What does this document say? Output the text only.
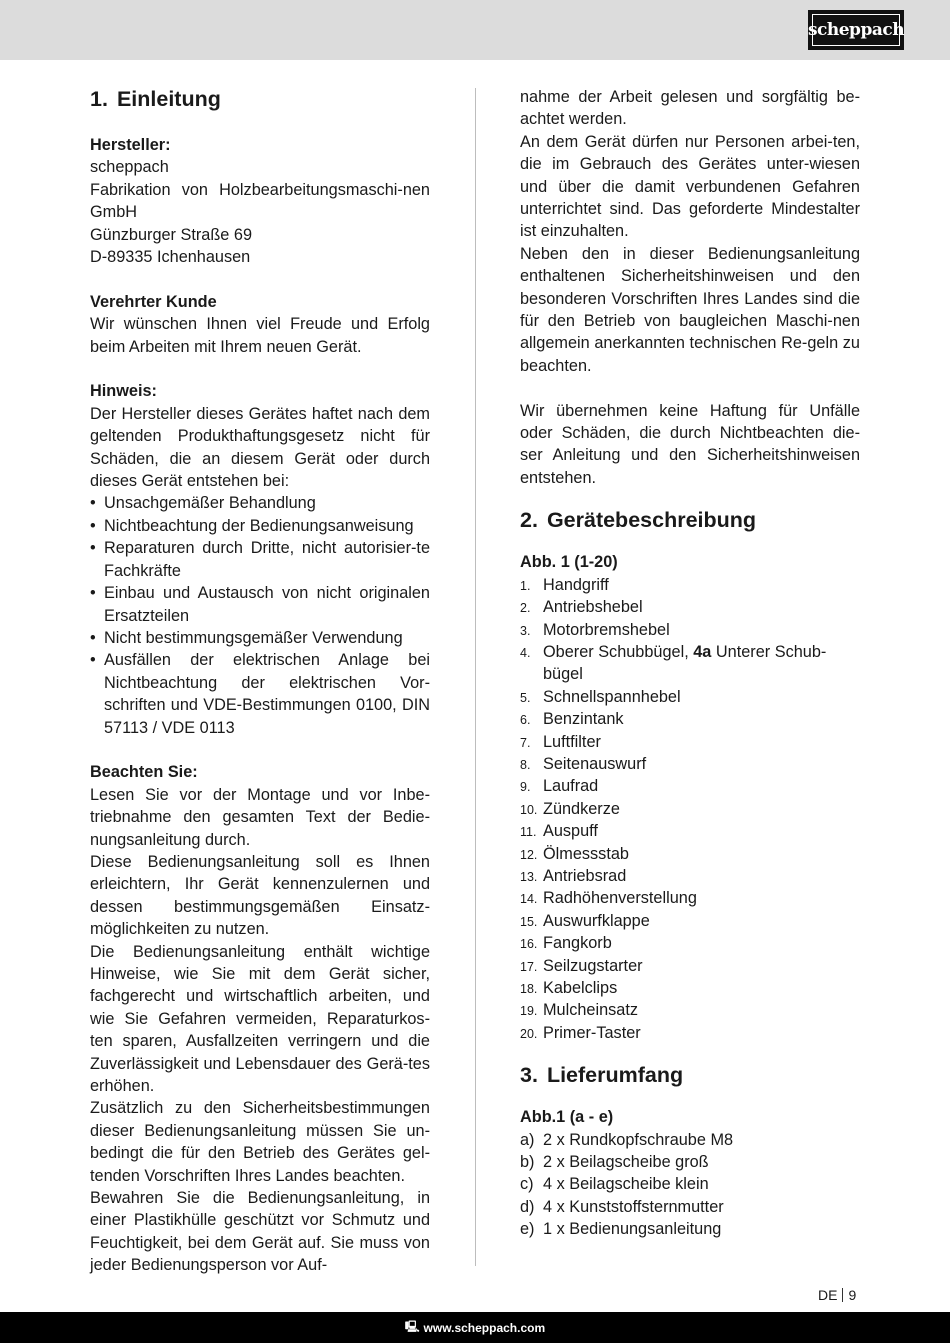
scheppach
1. Einleitung

Hersteller:

scheppach

Fabrikation von Holzbearbeitungsmaschi-nen GmbH

Günzburger Straße 69

D-89335 Ichenhausen

Verehrter Kunde

Wir wünschen Ihnen viel Freude und Erfolg beim Arbeiten mit Ihrem neuen Gerät.

Hinweis:

Der Hersteller dieses Gerätes haftet nach dem geltenden Produkthaftungsgesetz nicht für Schäden, die an diesem Gerät oder durch dieses Gerät entstehen bei:

• Unsachgemäßer Behandlung
• Nichtbeachtung der Bedienungsanweisung
• Reparaturen durch Dritte, nicht autorisier-te Fachkräfte
• Einbau und Austausch von nicht originalen Ersatzteilen
• Nicht bestimmungsgemäßer Verwendung
• Ausfällen der elektrischen Anlage bei Nichtbeachtung der elektrischen Vor-schriften und VDE-Bestimmungen 0100, DIN 57113 / VDE 0113

Beachten Sie:

Lesen Sie vor der Montage und vor Inbe-triebnahme den gesamten Text der Bedie-nungsanleitung durch.

Diese Bedienungsanleitung soll es Ihnen erleichtern, Ihr Gerät kennenzulernen und dessen bestimmungsgemäßen Einsatz-möglichkeiten zu nutzen.

Die Bedienungsanleitung enthält wichtige Hinweise, wie Sie mit dem Gerät sicher, fachgerecht und wirtschaftlich arbeiten, und wie Sie Gefahren vermeiden, Reparaturkos-ten sparen, Ausfallzeiten verringern und die Zuverlässigkeit und Lebensdauer des Gerä-tes erhöhen.

Zusätzlich zu den Sicherheitsbestimmungen dieser Bedienungsanleitung müssen Sie un-bedingt die für den Betrieb des Gerätes gel-tenden Vorschriften Ihres Landes beachten.

Bewahren Sie die Bedienungsanleitung, in einer Plastikhülle geschützt vor Schmutz und Feuchtigkeit, bei dem Gerät auf. Sie muss von jeder Bedienungsperson vor Auf-

nahme der Arbeit gelesen und sorgfältig be-achtet werden.

An dem Gerät dürfen nur Personen arbei-ten, die im Gebrauch des Gerätes unter-wiesen und über die damit verbundenen Gefahren unterrichtet sind. Das geforderte Mindestalter ist einzuhalten.

Neben den in dieser Bedienungsanleitung enthaltenen Sicherheitshinweisen und den besonderen Vorschriften Ihres Landes sind die für den Betrieb von baugleichen Maschi-nen allgemein anerkannten technischen Re-geln zu beachten.

Wir übernehmen keine Haftung für Unfälle oder Schäden, die durch Nichtbeachten die-ser Anleitung und den Sicherheitshinweisen entstehen.

2. Gerätebeschreibung

Abb. 1 (1-20)

1. Handgriff
2. Antriebshebel
3. Motorbremshebel
4. Oberer Schubbügel, 4a Unterer Schub-bügel
5. Schnellspannhebel
6. Benzintank
7. Luftfilter
8. Seitenauswurf
9. Laufrad
10. Zündkerze
11. Auspuff
12. Ölmessstab
13. Antriebsrad
14. Radhöhenverstellung
15. Auswurfklappe
16. Fangkorb
17. Seilzugstarter
18. Kabelclips
19. Mulcheinsatz
20. Primer-Taster
3. Lieferumfang

Abb.1 (a - e)

a) 2 x Rundkopfschraube M8
b) 2 x Beilagscheibe groß
c) 4 x Beilagscheibe klein
d) 4 x Kunststoffsternmutter
e) 1 x Bedienungsanleitung
DE 9
🖳 www.scheppach.com
